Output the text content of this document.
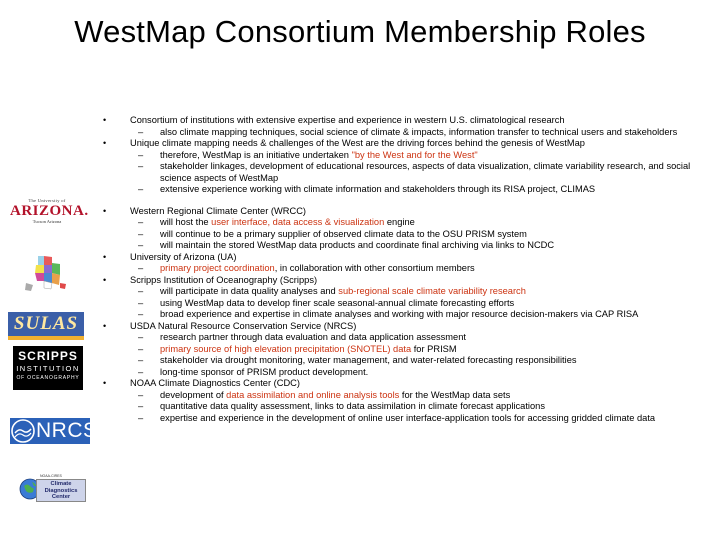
WestMap Consortium Membership Roles
The University of
ARIZONA.
Tucson Arizona
SULAS
SCRIPPS
INSTITUTION
OF OCEANOGRAPHY
NRCS
NOAA-CIRES
Climate
Diagnostics
Center
• Consortium of institutions with extensive expertise and experience in western U.S. climatological research
– also climate mapping techniques, social science of climate & impacts, information transfer to technical users and stakeholders
• Unique climate mapping needs & challenges of the West are the driving forces behind the genesis of WestMap
– therefore, WestMap is an initiative undertaken "by the West and for the West"
– stakeholder linkages, development of educational resources, aspects of data visualization, climate variability research, and social science aspects of WestMap
– extensive experience working with climate information and stakeholders through its RISA project, CLIMAS
• Western Regional Climate Center (WRCC)
– will host the user interface, data access & visualization engine
– will continue to be a primary supplier of observed climate data to the OSU PRISM system
– will maintain the stored WestMap data products and coordinate final archiving via links to NCDC
• University of Arizona (UA)
– primary project coordination, in collaboration with other consortium members
• Scripps Institution of Oceanography (Scripps)
– will participate in data quality analyses and sub-regional scale climate variability research
– using WestMap data to develop finer scale seasonal-annual climate forecasting efforts
– broad experience and expertise in climate analyses and working with major resource decision-makers via CAP RISA
• USDA Natural Resource Conservation Service (NRCS)
– research partner through data evaluation and data application assessment
– primary source of high elevation precipitation (SNOTEL) data for PRISM
– stakeholder via drought monitoring, water management, and water-related forecasting responsibilities
– long-time sponsor of PRISM product development.
• NOAA Climate Diagnostics Center (CDC)
– development of data assimilation and online analysis tools for the WestMap data sets
– quantitative data quality assessment, links to data assimilation in climate forecast applications
– expertise and experience in the development of online user interface-application tools for accessing gridded climate data
